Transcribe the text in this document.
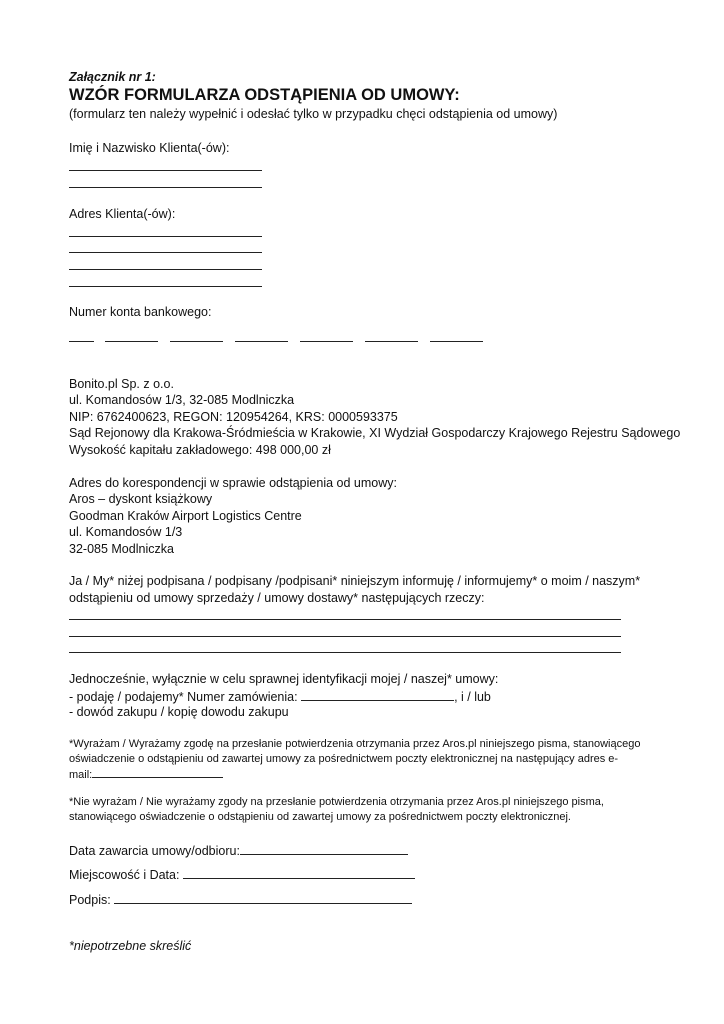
Załącznik nr 1:
WZÓR FORMULARZA ODSTĄPIENIA OD UMOWY:
(formularz ten należy wypełnić i odesłać tylko w przypadku chęci odstąpienia od umowy)
Imię i Nazwisko Klienta(-ów):
Adres Klienta(-ów):
Numer konta bankowego:
Bonito.pl Sp. z o.o.
ul. Komandosów 1/3, 32-085 Modlniczka
NIP: 6762400623, REGON: 120954264, KRS: 0000593375
Sąd Rejonowy dla Krakowa-Śródmieścia w Krakowie, XI Wydział Gospodarczy Krajowego Rejestru Sądowego
Wysokość kapitału zakładowego: 498 000,00 zł
Adres do korespondencji w sprawie odstąpienia od umowy:
Aros – dyskont książkowy
Goodman Kraków Airport Logistics Centre
ul. Komandosów 1/3
32-085 Modlniczka
Ja / My* niżej podpisana / podpisany /podpisani* niniejszym informuję / informujemy* o moim / naszym*
odstąpieniu od umowy sprzedaży / umowy dostawy* następujących rzeczy:
Jednocześnie, wyłącznie w celu sprawnej identyfikacji mojej / naszej* umowy:
- podaję / podajemy* Numer zamówienia:	, i / lub
- dowód zakupu / kopię dowodu zakupu
*Wyrażam / Wyrażamy zgodę na przesłanie potwierdzenia otrzymania przez Aros.pl niniejszego pisma, stanowiącego
oświadczenie o odstąpieniu od zawartej umowy za pośrednictwem poczty elektronicznej na następujący adres e-
mail:
*Nie wyrażam / Nie wyrażamy zgody na przesłanie potwierdzenia otrzymania przez Aros.pl niniejszego pisma,
stanowiącego oświadczenie o odstąpieniu od zawartej umowy za pośrednictwem poczty elektronicznej.
Data zawarcia umowy/odbioru:
Miejscowość i Data:
Podpis:
*niepotrzebne skreślić
